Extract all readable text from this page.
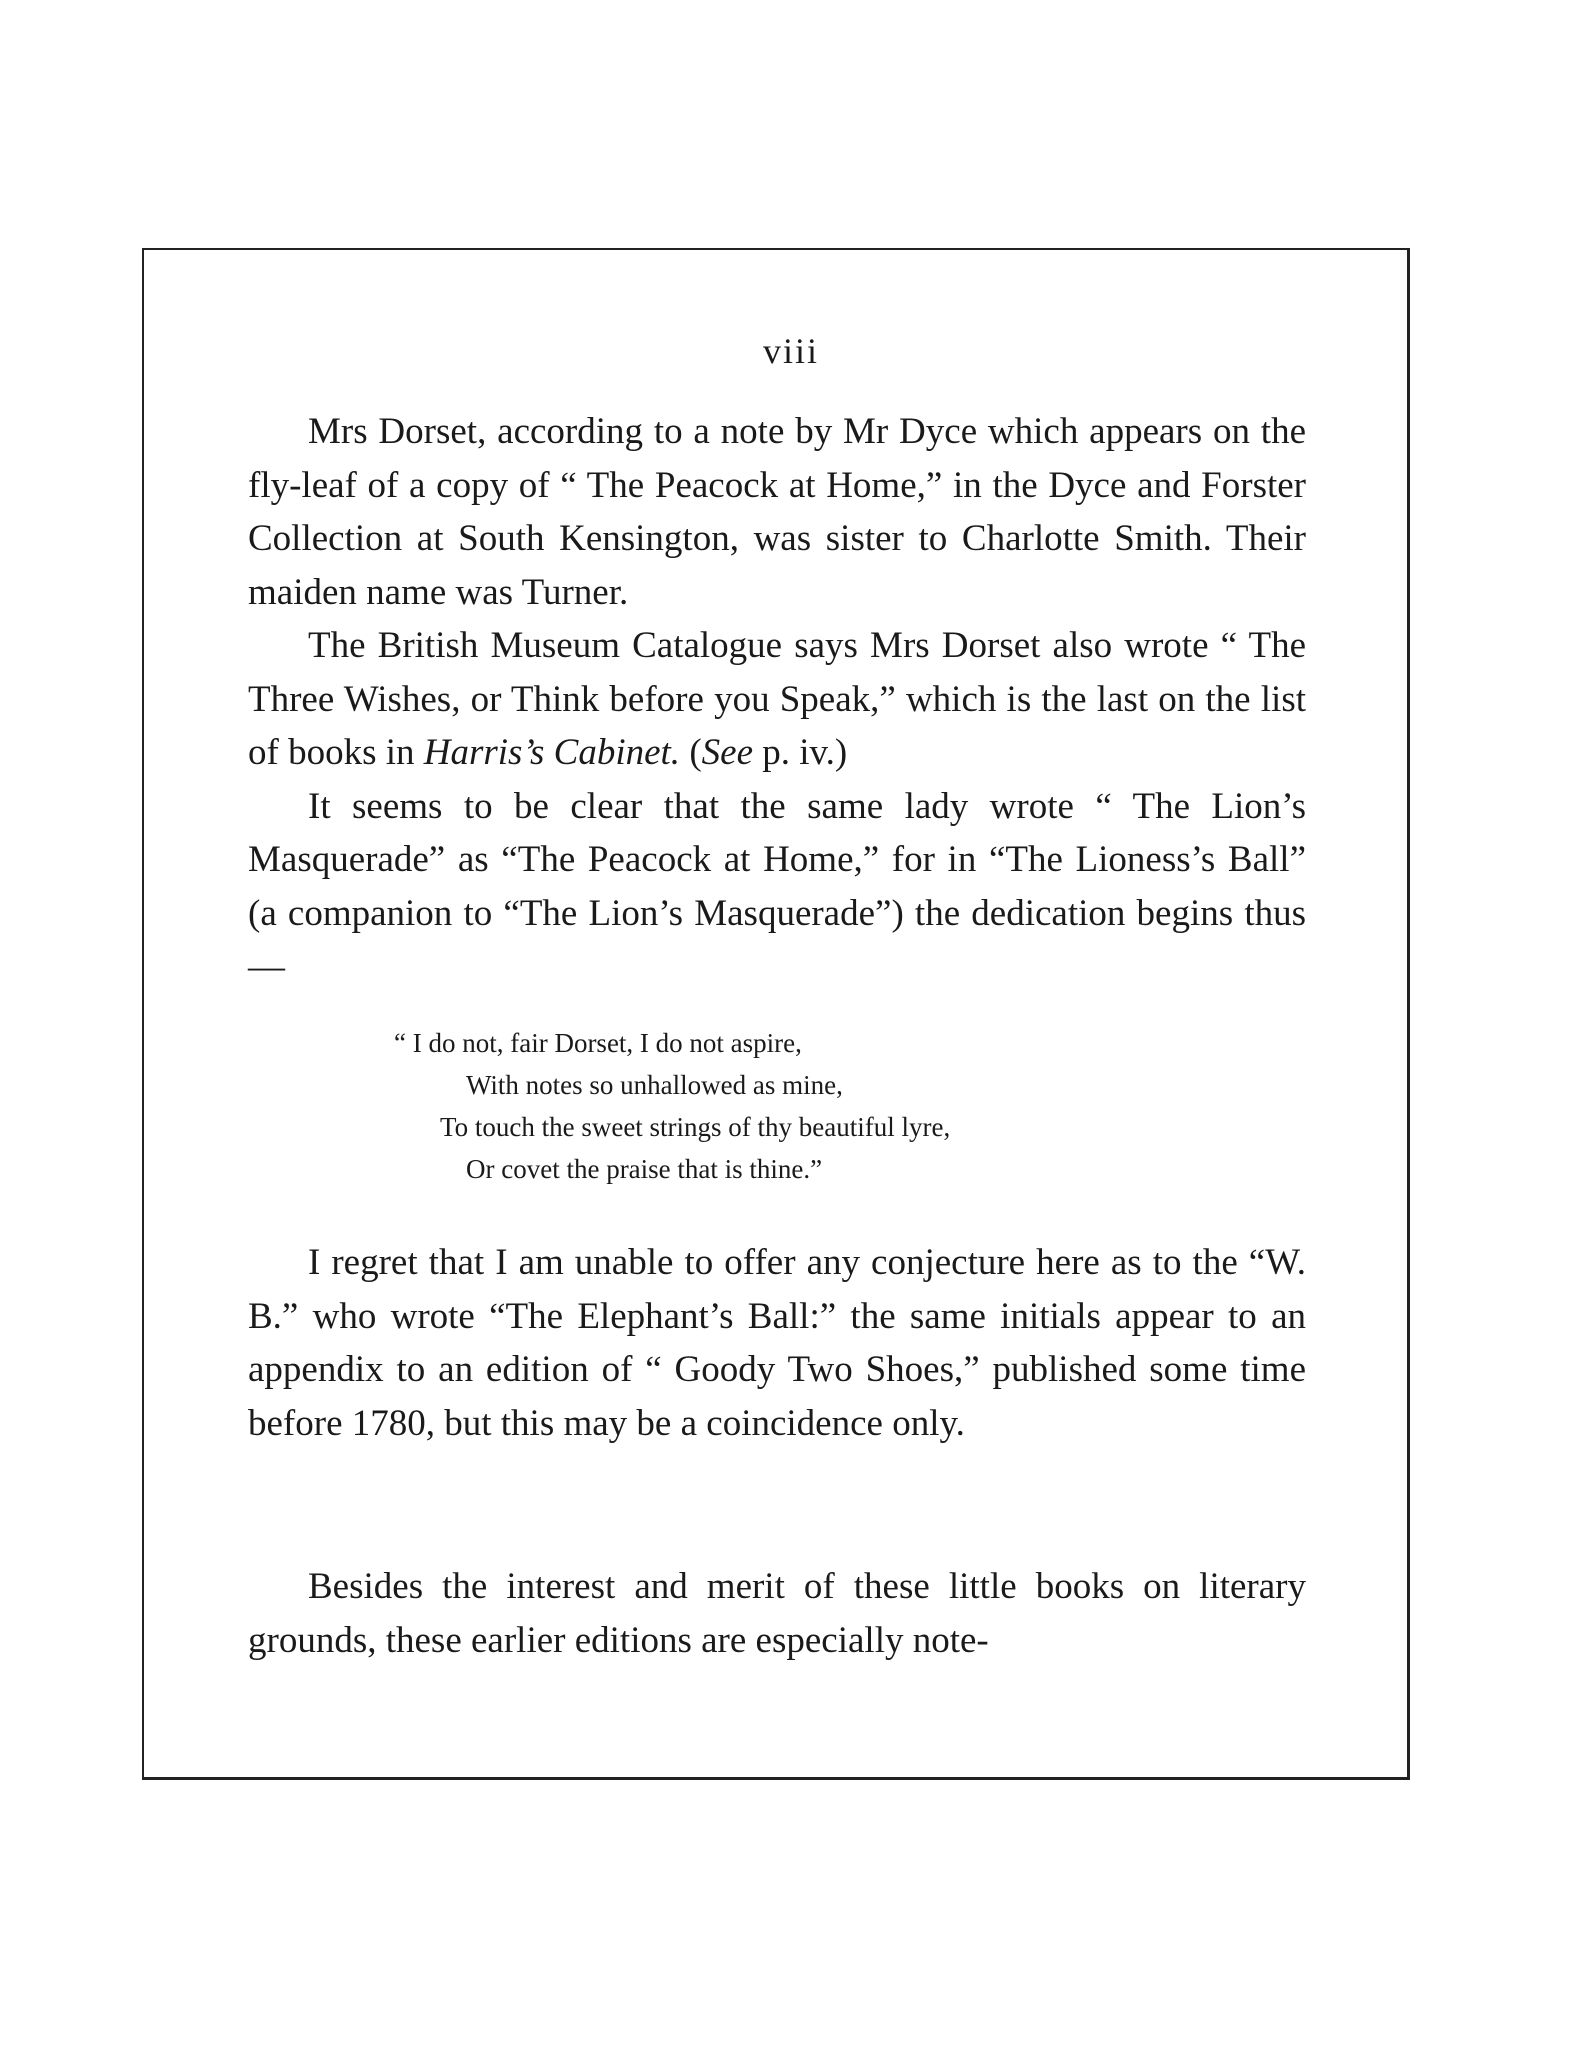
viii

Mrs Dorset, according to a note by Mr Dyce which appears on the fly-leaf of a copy of “ The Peacock at Home,” in the Dyce and Forster Collection at South Kensington, was sister to Charlotte Smith. Their maiden name was Turner.

The British Museum Catalogue says Mrs Dorset also wrote “ The Three Wishes, or Think before you Speak,” which is the last on the list of books in Harris’s Cabinet. (See p. iv.)

It seems to be clear that the same lady wrote “ The Lion’s Masquerade” as “The Peacock at Home,” for in “The Lioness’s Ball” (a companion to “The Lion’s Masquerade”) the dedication begins thus—

“ I do not, fair Dorset, I do not aspire,
With notes so unhallowed as mine,
To touch the sweet strings of thy beautiful lyre,
Or covet the praise that is thine.”

I regret that I am unable to offer any conjecture here as to the “W. B.” who wrote “The Elephant’s Ball:” the same initials appear to an appendix to an edition of “ Goody Two Shoes,” published some time before 1780, but this may be a coincidence only.

Besides the interest and merit of these little books on literary grounds, these earlier editions are especially note-
